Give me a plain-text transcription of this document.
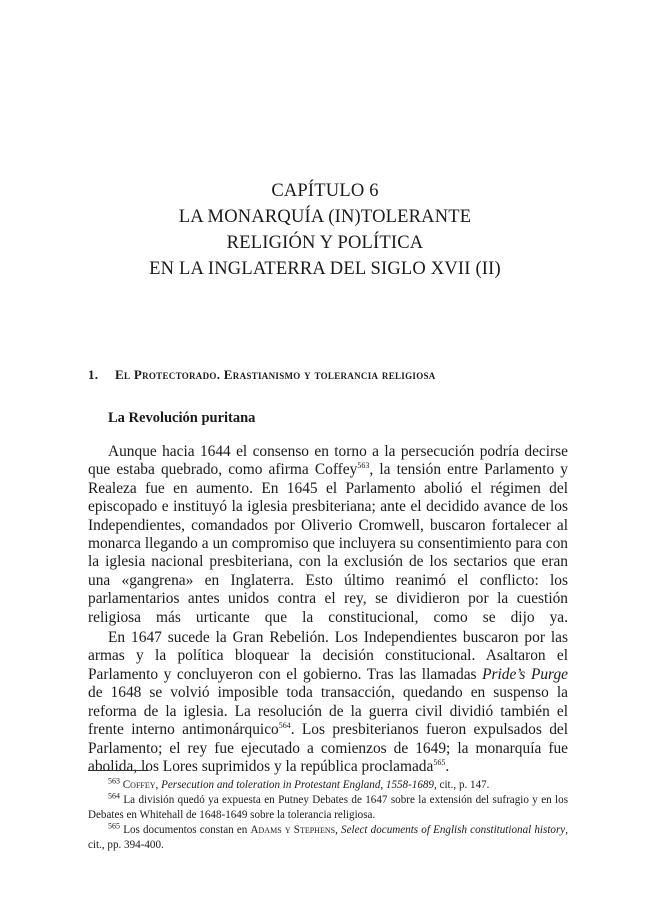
CAPÍTULO 6
LA MONARQUÍA (IN)TOLERANTE
RELIGIÓN Y POLÍTICA
EN LA INGLATERRA DEL SIGLO XVII (II)
1. El Protectorado. Erastianismo y tolerancia religiosa
La Revolución puritana

Aunque hacia 1644 el consenso en torno a la persecución podría decirse que estaba quebrado, como afirma Coffey$^{563}$, la tensión entre Parlamento y Realeza fue en aumento. En 1645 el Parlamento abolió el régimen del episcopado e instituyó la iglesia presbiteriana; ante el decidido avance de los Independientes, comandados por Oliverio Cromwell, buscaron fortalecer al monarca llegando a un compromiso que incluyera su consentimiento para con la iglesia nacional presbiteriana, con la exclusión de los sectarios que eran una «gangrena» en Inglaterra. Esto último reanimó el conflicto: los parlamentarios antes unidos contra el rey, se dividieron por la cuestión religiosa más urticante que la constitucional, como se dijo ya.

En 1647 sucede la Gran Rebelión. Los Independientes buscaron por las armas y la política bloquear la decisión constitucional. Asaltaron el Parlamento y concluyeron con el gobierno. Tras las llamadas Pride’s Purge de 1648 se volvió imposible toda transacción, quedando en suspenso la reforma de la iglesia. La resolución de la guerra civil dividió también el frente interno antimonárquico$^{564}$. Los presbiterianos fueron expulsados del Parlamento; el rey fue ejecutado a comienzos de 1649; la monarquía fue abolida, los Lores suprimidos y la república proclamada$^{565}$.

$^{563}$ Coffey, Persecution and toleration in Protestant England, 1558-1689, cit., p. 147.

$^{564}$ La división quedó ya expuesta en Putney Debates de 1647 sobre la extensión del sufragio y en los Debates en Whitehall de 1648-1649 sobre la tolerancia religiosa.

$^{565}$ Los documentos constan en Adams y Stephens, Select documents of English constitutional history, cit., pp. 394-400.
